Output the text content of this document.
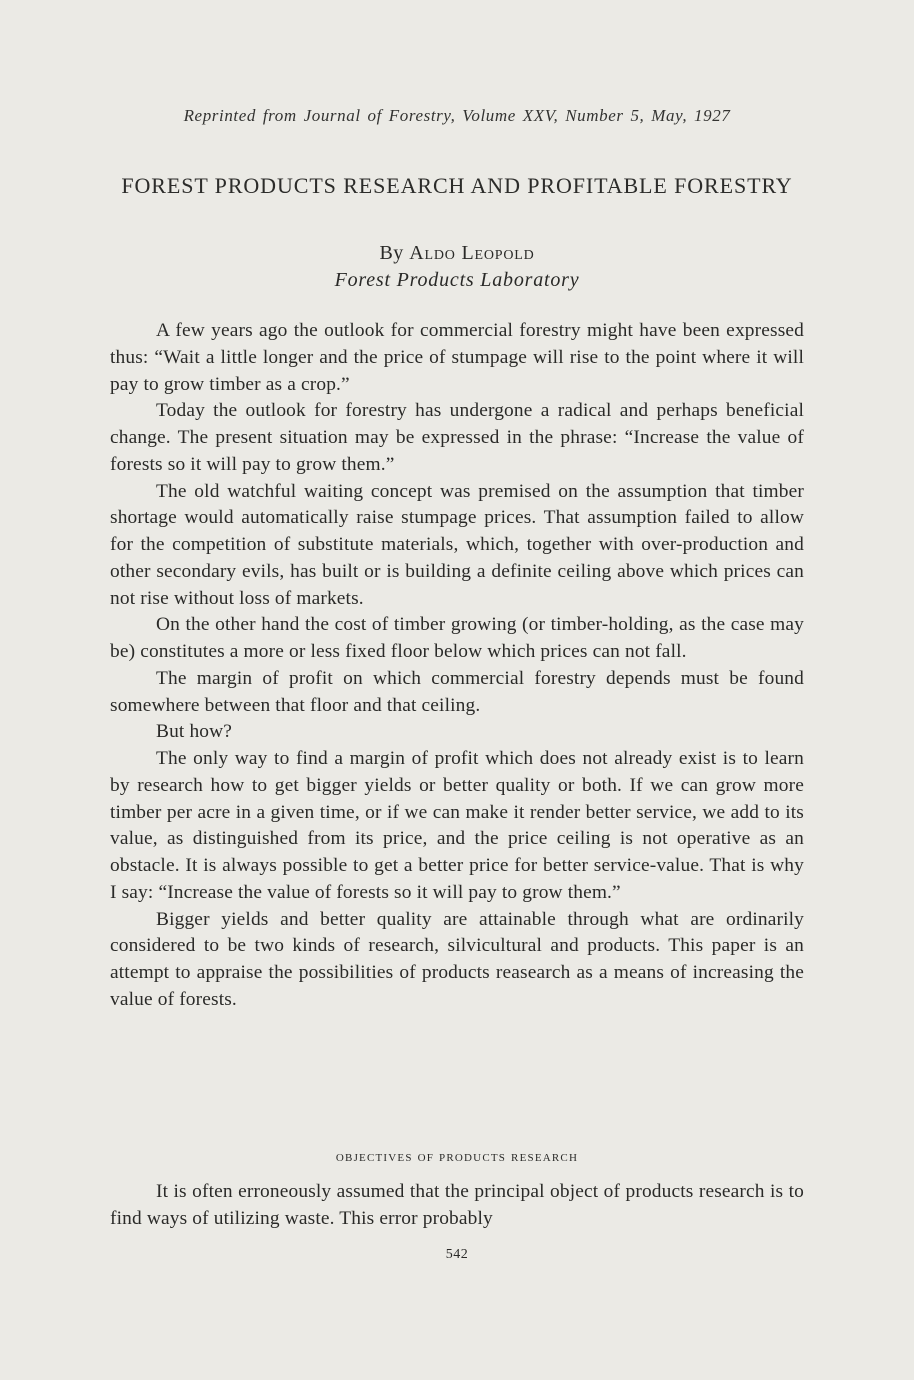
Reprinted from Journal of Forestry, Volume XXV, Number 5, May, 1927
FOREST PRODUCTS RESEARCH AND PROFITABLE FORESTRY
By Aldo Leopold
Forest Products Laboratory

A few years ago the outlook for commercial forestry might have been expressed thus: “Wait a little longer and the price of stumpage will rise to the point where it will pay to grow timber as a crop.”

Today the outlook for forestry has undergone a radical and perhaps beneficial change. The present situation may be expressed in the phrase: “Increase the value of forests so it will pay to grow them.”

The old watchful waiting concept was premised on the assumption that timber shortage would automatically raise stumpage prices. That assumption failed to allow for the competition of substitute materials, which, together with over-production and other secondary evils, has built or is building a definite ceiling above which prices can not rise without loss of markets.

On the other hand the cost of timber growing (or timber-holding, as the case may be) constitutes a more or less fixed floor below which prices can not fall.

The margin of profit on which commercial forestry depends must be found somewhere between that floor and that ceiling.

But how?

The only way to find a margin of profit which does not already exist is to learn by research how to get bigger yields or better quality or both. If we can grow more timber per acre in a given time, or if we can make it render better service, we add to its value, as distinguished from its price, and the price ceiling is not operative as an obstacle. It is always possible to get a better price for better service-value. That is why I say: “Increase the value of forests so it will pay to grow them.”

Bigger yields and better quality are attainable through what are ordinarily considered to be two kinds of research, silvicultural and products. This paper is an attempt to appraise the possibilities of products reasearch as a means of increasing the value of forests.

objectives of products research

It is often erroneously assumed that the principal object of products research is to find ways of utilizing waste. This error probably

542
